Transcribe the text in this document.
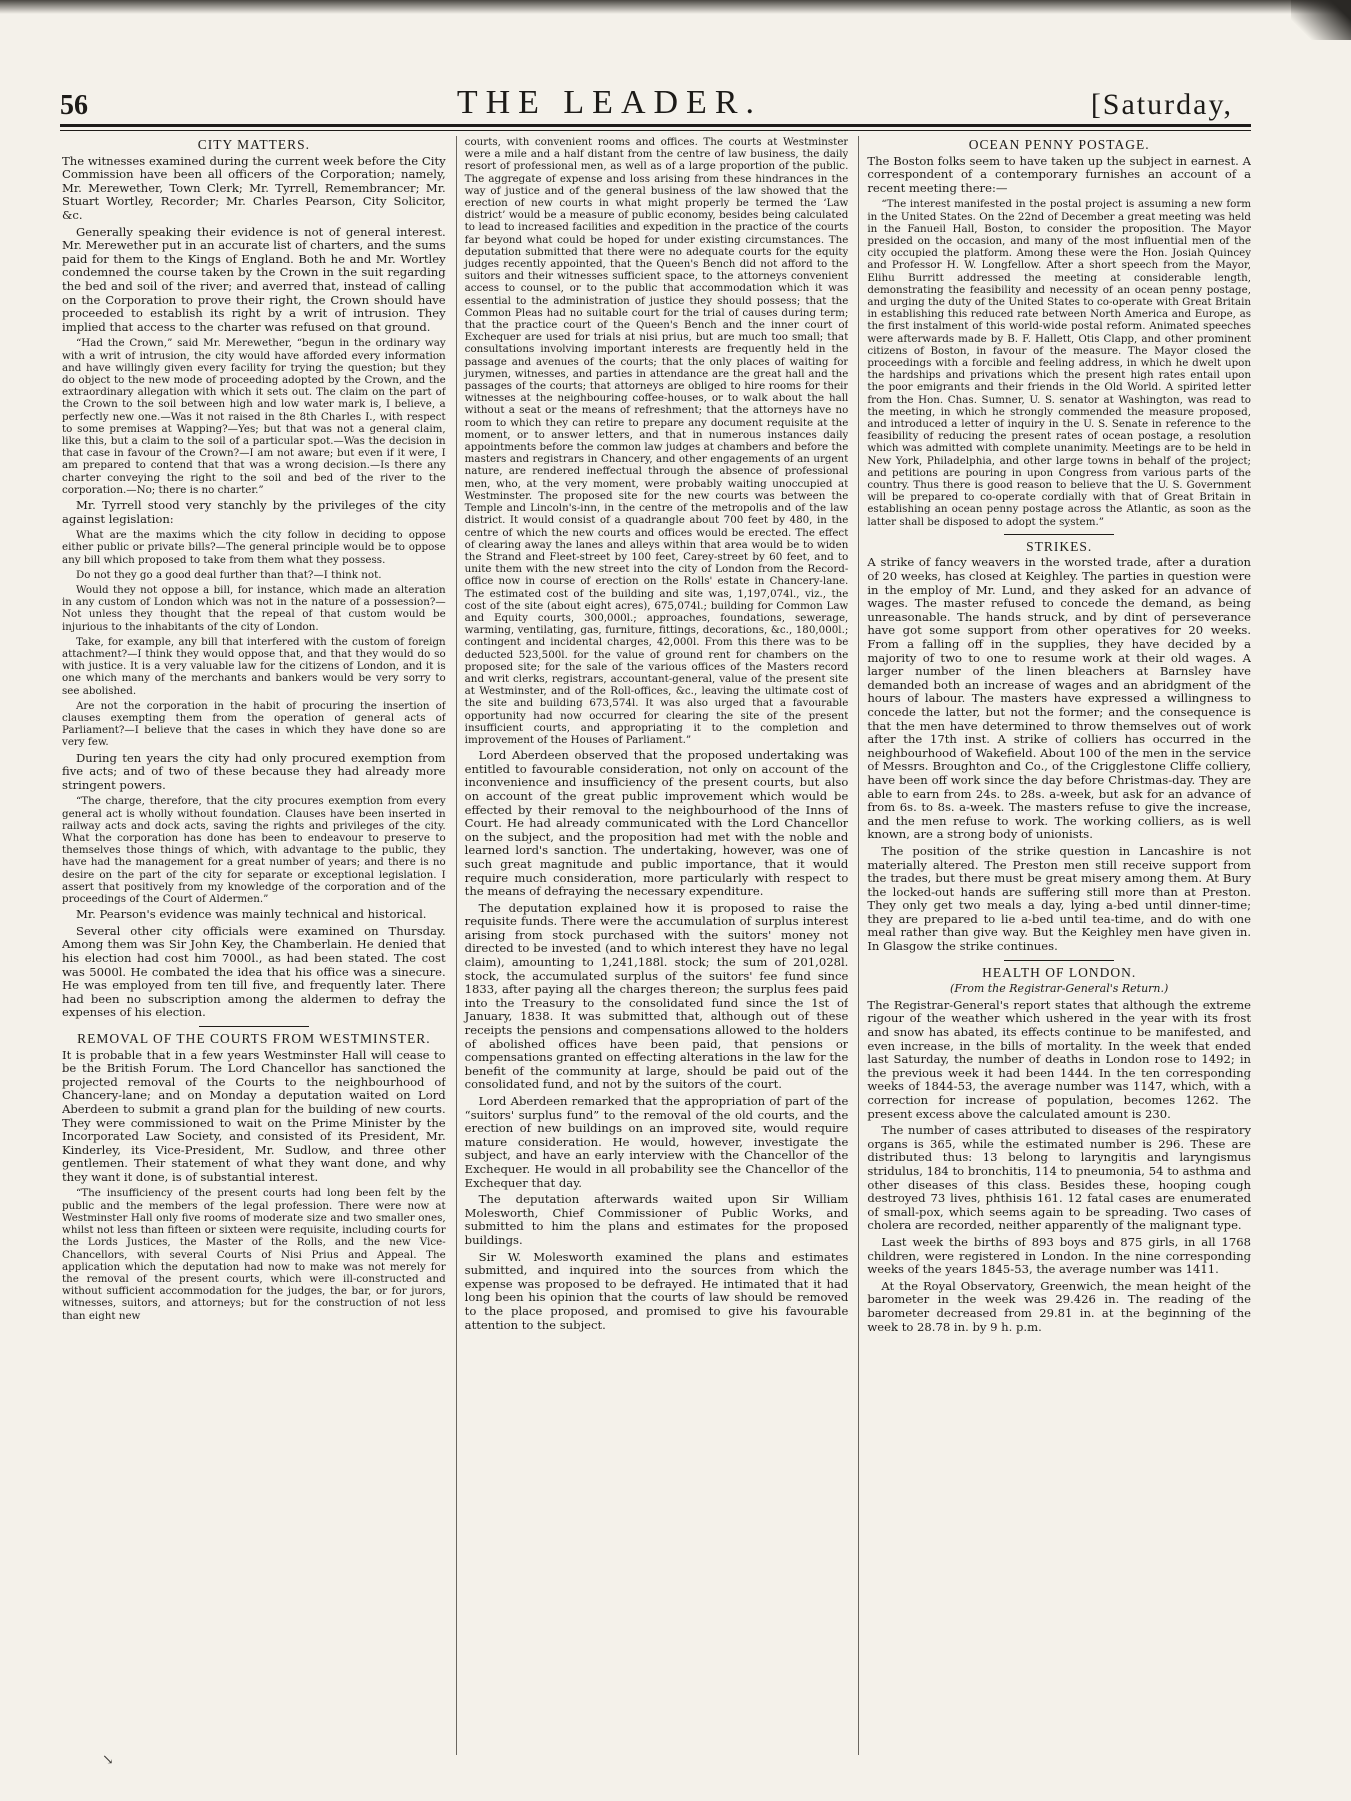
56	THE LEADER.	[Saturday,
CITY MATTERS.

The witnesses examined during the current week before the City Commission have been all officers of the Corporation; namely, Mr. Merewether, Town Clerk; Mr. Tyrrell, Remembrancer; Mr. Stuart Wortley, Recorder; Mr. Charles Pearson, City Solicitor, &c.

Generally speaking their evidence is not of general interest. Mr. Merewether put in an accurate list of charters, and the sums paid for them to the Kings of England. Both he and Mr. Wortley condemned the course taken by the Crown in the suit regarding the bed and soil of the river; and averred that, instead of calling on the Corporation to prove their right, the Crown should have proceeded to establish its right by a writ of intrusion. They implied that access to the charter was refused on that ground.

“Had the Crown,” said Mr. Merewether, “begun in the ordinary way with a writ of intrusion, the city would have afforded every information and have willingly given every facility for trying the question; but they do object to the new mode of proceeding adopted by the Crown, and the extraordinary allegation with which it sets out. The claim on the part of the Crown to the soil between high and low water mark is, I believe, a perfectly new one.—Was it not raised in the 8th Charles I., with respect to some premises at Wapping?—Yes; but that was not a general claim, like this, but a claim to the soil of a particular spot.—Was the decision in that case in favour of the Crown?—I am not aware; but even if it were, I am prepared to contend that that was a wrong decision.—Is there any charter conveying the right to the soil and bed of the river to the corporation.—No; there is no charter.”

Mr. Tyrrell stood very stanchly by the privileges of the city against legislation:

What are the maxims which the city follow in deciding to oppose either public or private bills?—The general principle would be to oppose any bill which proposed to take from them what they possess.

Do not they go a good deal further than that?—I think not.

Would they not oppose a bill, for instance, which made an alteration in any custom of London which was not in the nature of a possession?—Not unless they thought that the repeal of that custom would be injurious to the inhabitants of the city of London.

Take, for example, any bill that interfered with the custom of foreign attachment?—I think they would oppose that, and that they would do so with justice. It is a very valuable law for the citizens of London, and it is one which many of the merchants and bankers would be very sorry to see abolished.

Are not the corporation in the habit of procuring the insertion of clauses exempting them from the operation of general acts of Parliament?—I believe that the cases in which they have done so are very few.

During ten years the city had only procured exemption from five acts; and of two of these because they had already more stringent powers.

“The charge, therefore, that the city procures exemption from every general act is wholly without foundation. Clauses have been inserted in railway acts and dock acts, saving the rights and privileges of the city. What the corporation has done has been to endeavour to preserve to themselves those things of which, with advantage to the public, they have had the management for a great number of years; and there is no desire on the part of the city for separate or exceptional legislation. I assert that positively from my knowledge of the corporation and of the proceedings of the Court of Aldermen.”

Mr. Pearson's evidence was mainly technical and historical.

Several other city officials were examined on Thursday. Among them was Sir John Key, the Chamberlain. He denied that his election had cost him 7000l., as had been stated. The cost was 5000l. He combated the idea that his office was a sinecure. He was employed from ten till five, and frequently later. There had been no subscription among the aldermen to defray the expenses of his election.

REMOVAL OF THE COURTS FROM WESTMINSTER.

It is probable that in a few years Westminster Hall will cease to be the British Forum. The Lord Chancellor has sanctioned the projected removal of the Courts to the neighbourhood of Chancery-lane; and on Monday a deputation waited on Lord Aberdeen to submit a grand plan for the building of new courts. They were commissioned to wait on the Prime Minister by the Incorporated Law Society, and consisted of its President, Mr. Kinderley, its Vice-President, Mr. Sudlow, and three other gentlemen. Their statement of what they want done, and why they want it done, is of substantial interest.

“The insufficiency of the present courts had long been felt by the public and the members of the legal profession. There were now at Westminster Hall only five rooms of moderate size and two smaller ones, whilst not less than fifteen or sixteen were requisite, including courts for the Lords Justices, the Master of the Rolls, and the new Vice-Chancellors, with several Courts of Nisi Prius and Appeal. The application which the deputation had now to make was not merely for the removal of the present courts, which were ill-constructed and without sufficient accommodation for the judges, the bar, or for jurors, witnesses, suitors, and attorneys; but for the construction of not less than eight new

courts, with convenient rooms and offices. The courts at Westminster were a mile and a half distant from the centre of law business, the daily resort of professional men, as well as of a large proportion of the public. The aggregate of expense and loss arising from these hindrances in the way of justice and of the general business of the law showed that the erection of new courts in what might properly be termed the ‘Law district’ would be a measure of public economy, besides being calculated to lead to increased facilities and expedition in the practice of the courts far beyond what could be hoped for under existing circumstances. The deputation submitted that there were no adequate courts for the equity judges recently appointed, that the Queen's Bench did not afford to the suitors and their witnesses sufficient space, to the attorneys convenient access to counsel, or to the public that accommodation which it was essential to the administration of justice they should possess; that the Common Pleas had no suitable court for the trial of causes during term; that the practice court of the Queen's Bench and the inner court of Exchequer are used for trials at nisi prius, but are much too small; that consultations involving important interests are frequently held in the passage and avenues of the courts; that the only places of waiting for jurymen, witnesses, and parties in attendance are the great hall and the passages of the courts; that attorneys are obliged to hire rooms for their witnesses at the neighbouring coffee-houses, or to walk about the hall without a seat or the means of refreshment; that the attorneys have no room to which they can retire to prepare any document requisite at the moment, or to answer letters, and that in numerous instances daily appointments before the common law judges at chambers and before the masters and registrars in Chancery, and other engagements of an urgent nature, are rendered ineffectual through the absence of professional men, who, at the very moment, were probably waiting unoccupied at Westminster. The proposed site for the new courts was between the Temple and Lincoln's-inn, in the centre of the metropolis and of the law district. It would consist of a quadrangle about 700 feet by 480, in the centre of which the new courts and offices would be erected. The effect of clearing away the lanes and alleys within that area would be to widen the Strand and Fleet-street by 100 feet, Carey-street by 60 feet, and to unite them with the new street into the city of London from the Record-office now in course of erection on the Rolls' estate in Chancery-lane. The estimated cost of the building and site was, 1,197,074l., viz., the cost of the site (about eight acres), 675,074l.; building for Common Law and Equity courts, 300,000l.; approaches, foundations, sewerage, warming, ventilating, gas, furniture, fittings, decorations, &c., 180,000l.; contingent and incidental charges, 42,000l. From this there was to be deducted 523,500l. for the value of ground rent for chambers on the proposed site; for the sale of the various offices of the Masters record and writ clerks, registrars, accountant-general, value of the present site at Westminster, and of the Roll-offices, &c., leaving the ultimate cost of the site and building 673,574l. It was also urged that a favourable opportunity had now occurred for clearing the site of the present insufficient courts, and appropriating it to the completion and improvement of the Houses of Parliament.”

Lord Aberdeen observed that the proposed undertaking was entitled to favourable consideration, not only on account of the inconvenience and insufficiency of the present courts, but also on account of the great public improvement which would be effected by their removal to the neighbourhood of the Inns of Court. He had already communicated with the Lord Chancellor on the subject, and the proposition had met with the noble and learned lord's sanction. The undertaking, however, was one of such great magnitude and public importance, that it would require much consideration, more particularly with respect to the means of defraying the necessary expenditure.

The deputation explained how it is proposed to raise the requisite funds. There were the accumulation of surplus interest arising from stock purchased with the suitors' money not directed to be invested (and to which interest they have no legal claim), amounting to 1,241,188l. stock; the sum of 201,028l. stock, the accumulated surplus of the suitors' fee fund since 1833, after paying all the charges thereon; the surplus fees paid into the Treasury to the consolidated fund since the 1st of January, 1838. It was submitted that, although out of these receipts the pensions and compensations allowed to the holders of abolished offices have been paid, that pensions or compensations granted on effecting alterations in the law for the benefit of the community at large, should be paid out of the consolidated fund, and not by the suitors of the court.

Lord Aberdeen remarked that the appropriation of part of the “suitors' surplus fund” to the removal of the old courts, and the erection of new buildings on an improved site, would require mature consideration. He would, however, investigate the subject, and have an early interview with the Chancellor of the Exchequer. He would in all probability see the Chancellor of the Exchequer that day.

The deputation afterwards waited upon Sir William Molesworth, Chief Commissioner of Public Works, and submitted to him the plans and estimates for the proposed buildings.

Sir W. Molesworth examined the plans and estimates submitted, and inquired into the sources from which the expense was proposed to be defrayed. He intimated that it had long been his opinion that the courts of law should be removed to the place proposed, and promised to give his favourable attention to the subject.

OCEAN PENNY POSTAGE.

The Boston folks seem to have taken up the subject in earnest. A correspondent of a contemporary furnishes an account of a recent meeting there:—

“The interest manifested in the postal project is assuming a new form in the United States. On the 22nd of December a great meeting was held in the Fanueil Hall, Boston, to consider the proposition. The Mayor presided on the occasion, and many of the most influential men of the city occupied the platform. Among these were the Hon. Josiah Quincey and Professor H. W. Longfellow. After a short speech from the Mayor, Elihu Burritt addressed the meeting at considerable length, demonstrating the feasibility and necessity of an ocean penny postage, and urging the duty of the United States to co-operate with Great Britain in establishing this reduced rate between North America and Europe, as the first instalment of this world-wide postal reform. Animated speeches were afterwards made by B. F. Hallett, Otis Clapp, and other prominent citizens of Boston, in favour of the measure. The Mayor closed the proceedings with a forcible and feeling address, in which he dwelt upon the hardships and privations which the present high rates entail upon the poor emigrants and their friends in the Old World. A spirited letter from the Hon. Chas. Sumner, U. S. senator at Washington, was read to the meeting, in which he strongly commended the measure proposed, and introduced a letter of inquiry in the U. S. Senate in reference to the feasibility of reducing the present rates of ocean postage, a resolution which was admitted with complete unanimity. Meetings are to be held in New York, Philadelphia, and other large towns in behalf of the project; and petitions are pouring in upon Congress from various parts of the country. Thus there is good reason to believe that the U. S. Government will be prepared to co-operate cordially with that of Great Britain in establishing an ocean penny postage across the Atlantic, as soon as the latter shall be disposed to adopt the system.”

STRIKES.

A strike of fancy weavers in the worsted trade, after a duration of 20 weeks, has closed at Keighley. The parties in question were in the employ of Mr. Lund, and they asked for an advance of wages. The master refused to concede the demand, as being unreasonable. The hands struck, and by dint of perseverance have got some support from other operatives for 20 weeks. From a falling off in the supplies, they have decided by a majority of two to one to resume work at their old wages. A larger number of the linen bleachers at Barnsley have demanded both an increase of wages and an abridgment of the hours of labour. The masters have expressed a willingness to concede the latter, but not the former; and the consequence is that the men have determined to throw themselves out of work after the 17th inst. A strike of colliers has occurred in the neighbourhood of Wakefield. About 100 of the men in the service of Messrs. Broughton and Co., of the Crigglestone Cliffe colliery, have been off work since the day before Christmas-day. They are able to earn from 24s. to 28s. a-week, but ask for an advance of from 6s. to 8s. a-week. The masters refuse to give the increase, and the men refuse to work. The working colliers, as is well known, are a strong body of unionists.

The position of the strike question in Lancashire is not materially altered. The Preston men still receive support from the trades, but there must be great misery among them. At Bury the locked-out hands are suffering still more than at Preston. They only get two meals a day, lying a-bed until dinner-time; they are prepared to lie a-bed until tea-time, and do with one meal rather than give way. But the Keighley men have given in. In Glasgow the strike continues.

HEALTH OF LONDON.
(From the Registrar-General's Return.)

The Registrar-General's report states that although the extreme rigour of the weather which ushered in the year with its frost and snow has abated, its effects continue to be manifested, and even increase, in the bills of mortality. In the week that ended last Saturday, the number of deaths in London rose to 1492; in the previous week it had been 1444. In the ten corresponding weeks of 1844-53, the average number was 1147, which, with a correction for increase of population, becomes 1262. The present excess above the calculated amount is 230.

The number of cases attributed to diseases of the respiratory organs is 365, while the estimated number is 296. These are distributed thus: 13 belong to laryngitis and laryngismus stridulus, 184 to bronchitis, 114 to pneumonia, 54 to asthma and other diseases of this class. Besides these, hooping cough destroyed 73 lives, phthisis 161. 12 fatal cases are enumerated of small-pox, which seems again to be spreading. Two cases of cholera are recorded, neither apparently of the malignant type.

Last week the births of 893 boys and 875 girls, in all 1768 children, were registered in London. In the nine corresponding weeks of the years 1845-53, the average number was 1411.

At the Royal Observatory, Greenwich, the mean height of the barometer in the week was 29.426 in. The reading of the barometer decreased from 29.81 in. at the beginning of the week to 28.78 in. by 9 h. p.m.

↘
